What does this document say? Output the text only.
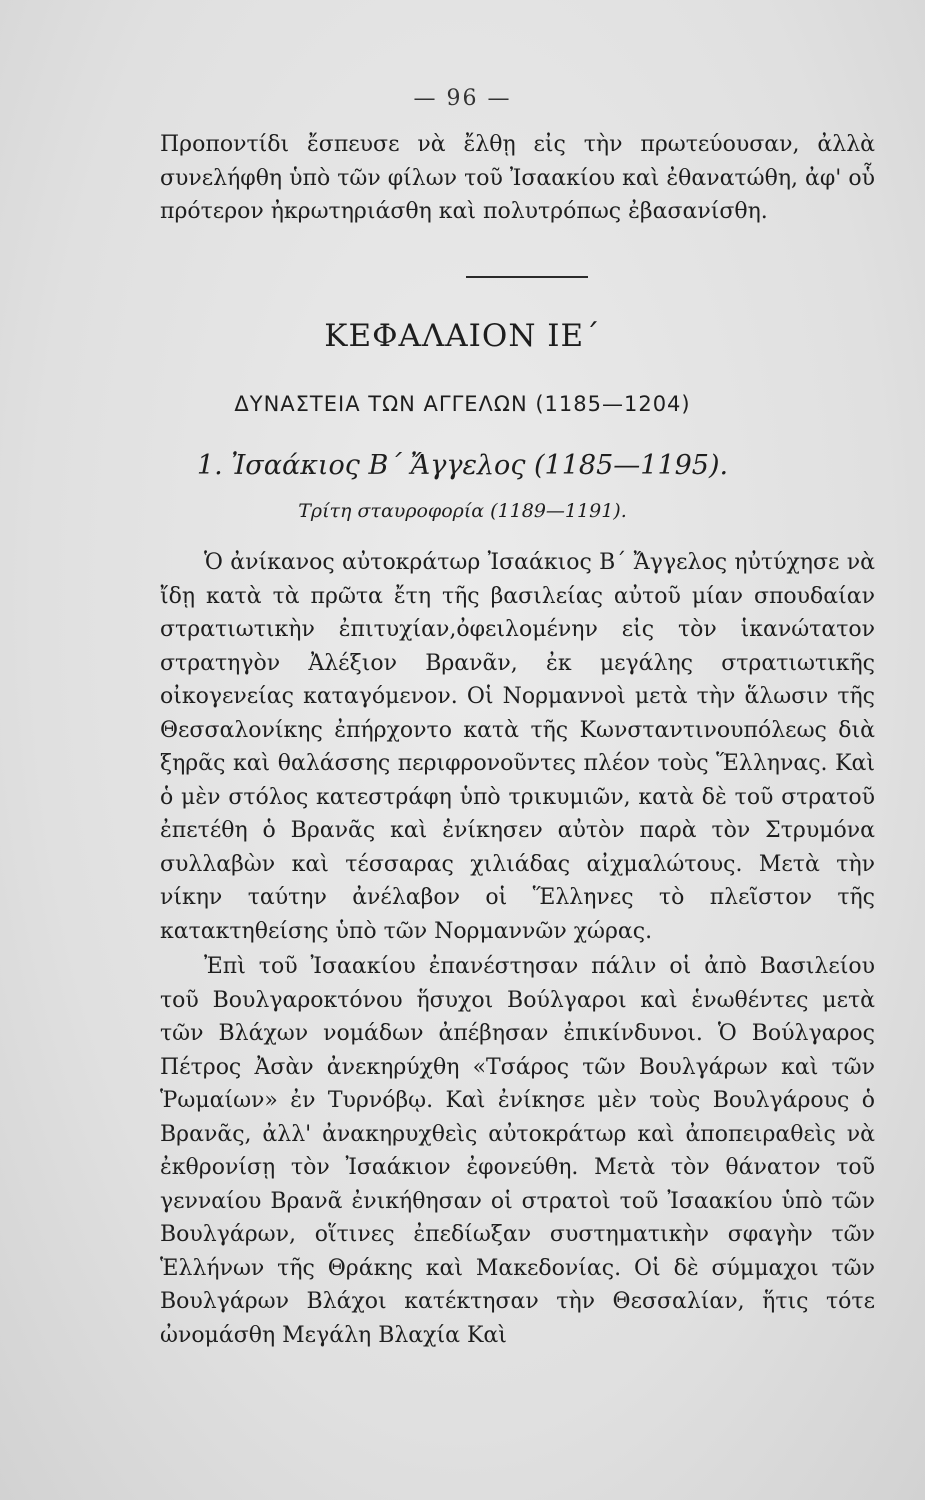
— 96 —
Προποντίδι ἔσπευσε νὰ ἔλθῃ εἰς τὴν πρωτεύουσαν, ἀλλὰ συνελήφθη ὑπὸ τῶν φίλων τοῦ Ἰσαακίου καὶ ἐθανατώθη, ἀφ' οὗ πρότερον ἠκρωτηριάσθη καὶ πολυτρόπως ἐβασανίσθη.
ΚΕΦΑΛΑΙΟΝ ΙΕ΄
ΔΥΝΑΣΤΕΙΑ ΤΩΝ ΑΓΓΕΛΩΝ (1185—1204)
1. Ἰσαάκιος Β΄ Ἄγγελος (1185—1195).
Τρίτη σταυροφορία (1189—1191).

Ὁ ἀνίκανος αὐτοκράτωρ Ἰσαάκιος Β΄ Ἄγγελος ηὐτύχησε νὰ ἴδῃ κατὰ τὰ πρῶτα ἔτη τῆς βασιλείας αὐτοῦ μίαν σπουδαίαν στρατιωτικὴν ἐπιτυχίαν,ὀφειλομένην εἰς τὸν ἱκανώτατον στρατηγὸν Ἀλέξιον Βρανᾶν, ἐκ μεγάλης στρατιωτικῆς οἰκογενείας καταγόμενον. Οἱ Νορμαννοὶ μετὰ τὴν ἅλωσιν τῆς Θεσσαλονίκης ἐπήρχοντο κατὰ τῆς Κωνσταντινουπόλεως διὰ ξηρᾶς καὶ θαλάσσης περιφρονοῦντες πλέον τοὺς Ἕλληνας. Καὶ ὁ μὲν στόλος κατεστράφη ὑπὸ τρικυμιῶν, κατὰ δὲ τοῦ στρατοῦ ἐπετέθη ὁ Βρανᾶς καὶ ἐνίκησεν αὐτὸν παρὰ τὸν Στρυμόνα συλλαβὼν καὶ τέσσαρας χιλιάδας αἰχμαλώτους. Μετὰ τὴν νίκην ταύτην ἀνέλαβον οἱ Ἕλληνες τὸ πλεῖστον τῆς κατακτηθείσης ὑπὸ τῶν Νορμαννῶν χώρας.

Ἐπὶ τοῦ Ἰσαακίου ἐπανέστησαν πάλιν οἱ ἀπὸ Βασιλείου τοῦ Βουλγαροκτόνου ἥσυχοι Βούλγαροι καὶ ἑνωθέντες μετὰ τῶν Βλάχων νομάδων ἀπέβησαν ἐπικίνδυνοι. Ὁ Βούλγαρος Πέτρος Ἀσὰν ἀνεκηρύχθη «Τσάρος τῶν Βουλγάρων καὶ τῶν Ῥωμαίων» ἐν Τυρνόβῳ. Καὶ ἐνίκησε μὲν τοὺς Βουλγάρους ὁ Βρανᾶς, ἀλλ' ἀνακηρυχθεὶς αὐτοκράτωρ καὶ ἀποπειραθεὶς νὰ ἐκθρονίσῃ τὸν Ἰσαάκιον ἐφονεύθη. Μετὰ τὸν θάνατον τοῦ γενναίου Βρανᾶ ἐνικήθησαν οἱ στρατοὶ τοῦ Ἰσαακίου ὑπὸ τῶν Βουλγάρων, οἵτινες ἐπεδίωξαν συστηματικὴν σφαγὴν τῶν Ἑλλήνων τῆς Θράκης καὶ Μακεδονίας. Οἱ δὲ σύμμαχοι τῶν Βουλγάρων Βλάχοι κατέκτησαν τὴν Θεσσαλίαν, ἥτις τότε ὠνομάσθη Μεγάλη Βλαχία Καὶ
